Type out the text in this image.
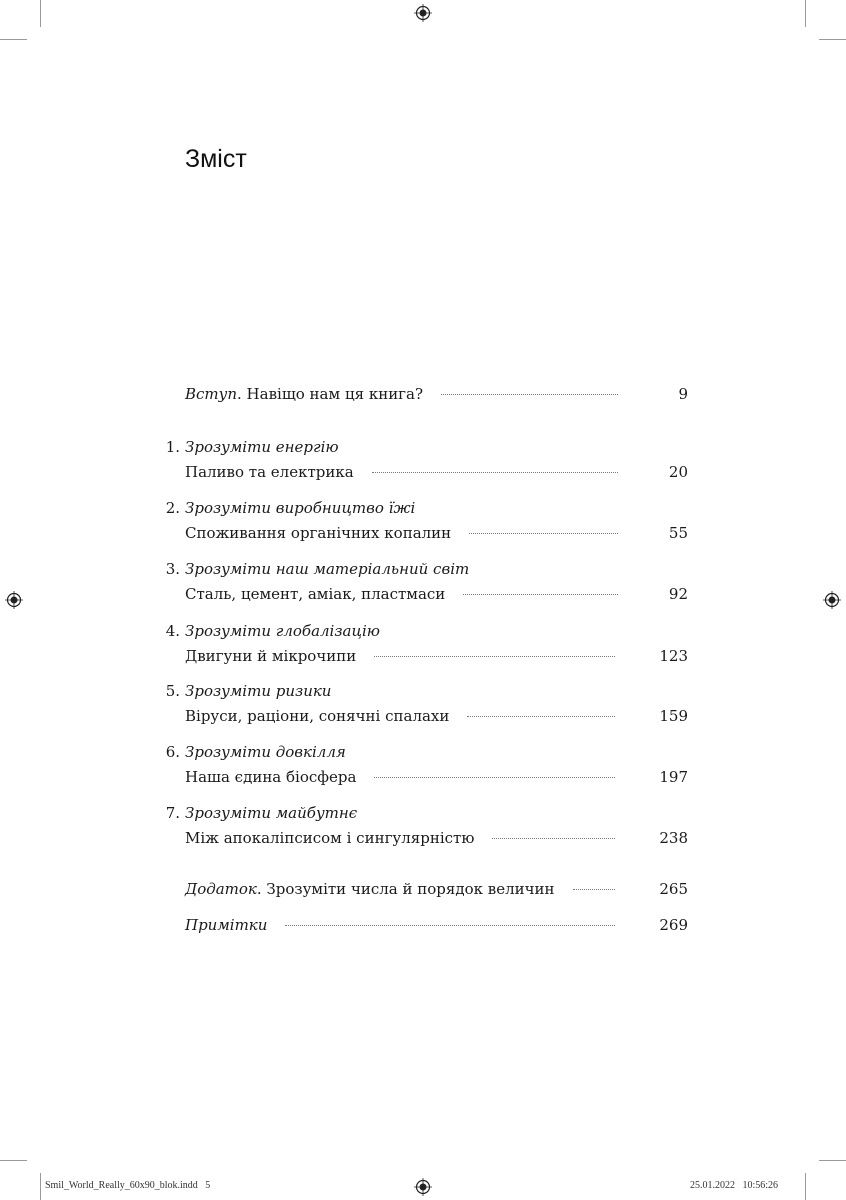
Зміст
Вступ. Навіщо нам ця книга?	9
1. Зрозуміти енергію
Паливо та електрика	20
2. Зрозуміти виробництво їжі
Споживання органічних копалин	55
3. Зрозуміти наш матеріальний світ
Сталь, цемент, аміак, пластмаси	92
4. Зрозуміти глобалізацію
Двигуни й мікрочипи	123
5. Зрозуміти ризики
Віруси, раціони, сонячні спалахи	159
6. Зрозуміти довкілля
Наша єдина біосфера	197
7. Зрозуміти майбутнє
Між апокаліпсисом і сингулярністю	238
Додаток. Зрозуміти числа й порядок величин	265
Примітки	269
Smil_World_Really_60x90_blok.indd   5	25.01.2022   10:56:26
